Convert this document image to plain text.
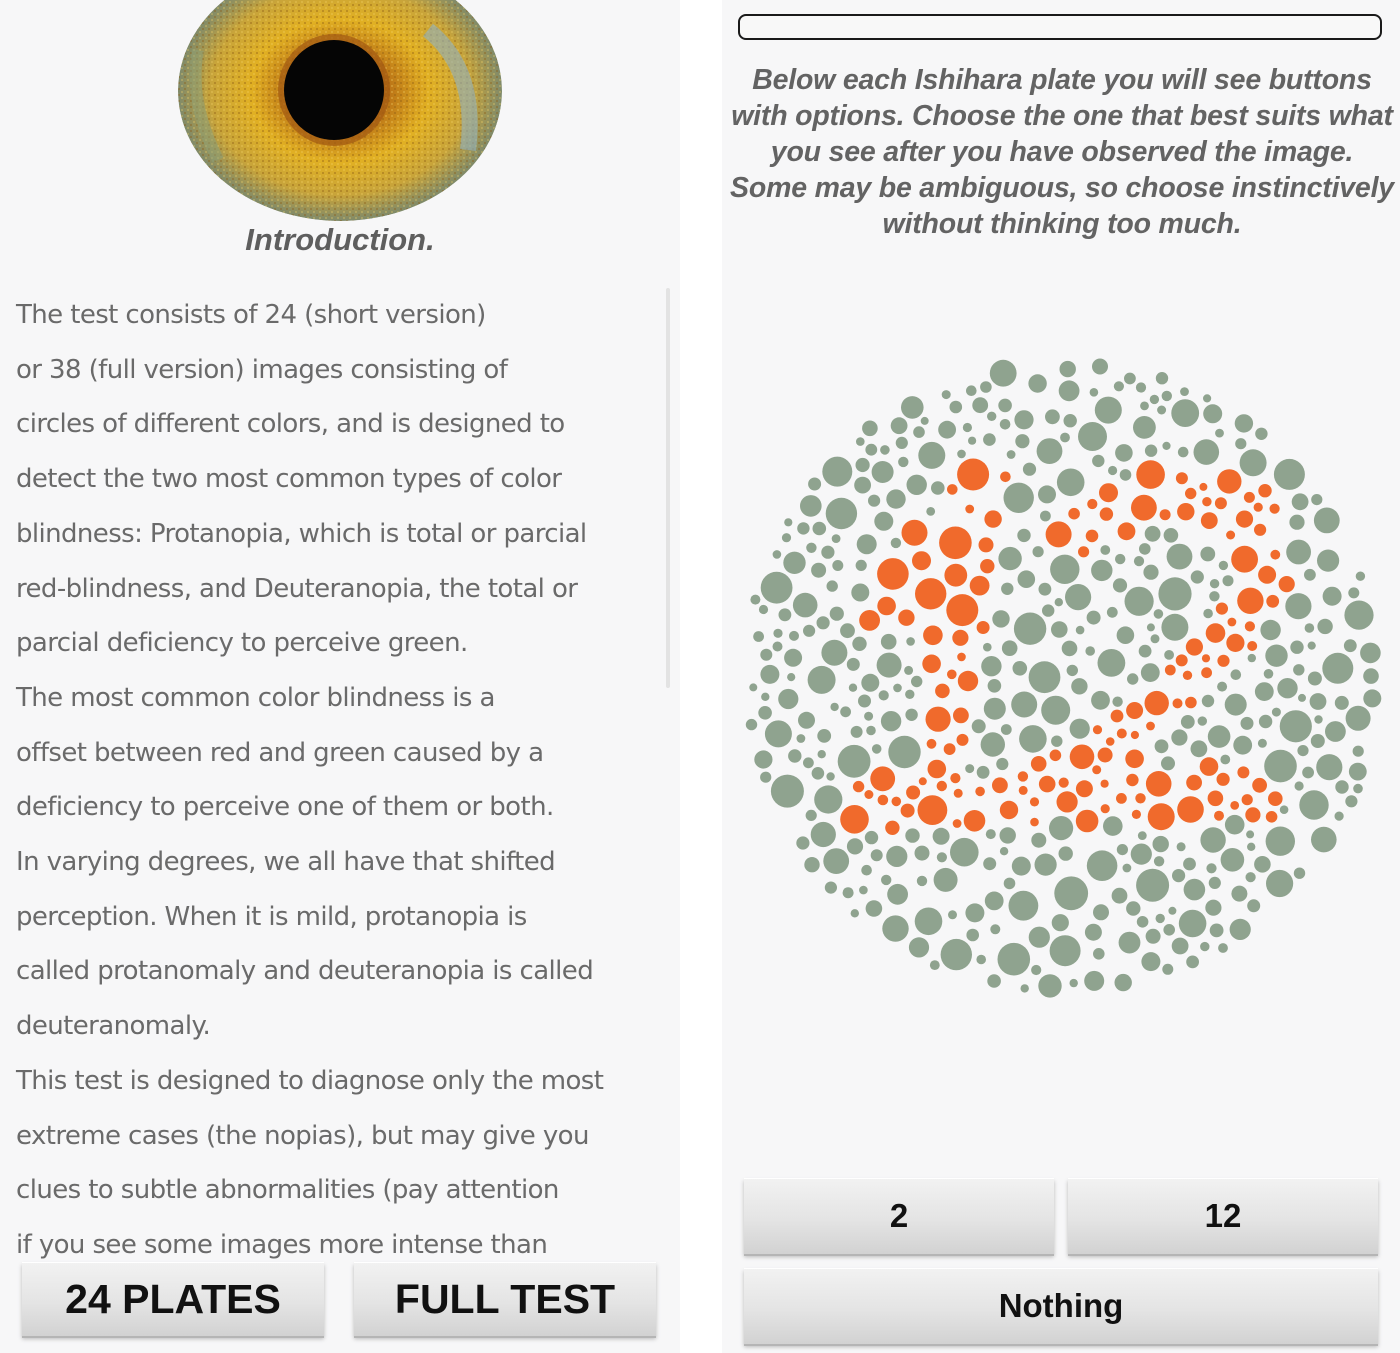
Introduction.

The test consists of 24 (short version)
or 38 (full version) images consisting of
circles of different colors, and is designed to
detect the two most common types of color
blindness: Protanopia, which is total or parcial
red-blindness, and Deuteranopia, the total or
parcial deficiency to perceive green.
The most common color blindness is a
offset between red and green caused by a
deficiency to perceive one of them or both.
In varying degrees, we all have that shifted
perception. When it is mild, protanopia is
called protanomaly and deuteranopia is called
deuteranomaly.
This test is designed to diagnose only the most
extreme cases (the nopias), but may give you
clues to subtle abnormalities (pay attention
if you see some images more intense than

24 PLATES	FULL TEST
Below each Ishihara plate you will see buttons with options. Choose the one that best suits what you see after you have observed the image. Some may be ambiguous, so choose instinctively without thinking too much.
2	12
Nothing
